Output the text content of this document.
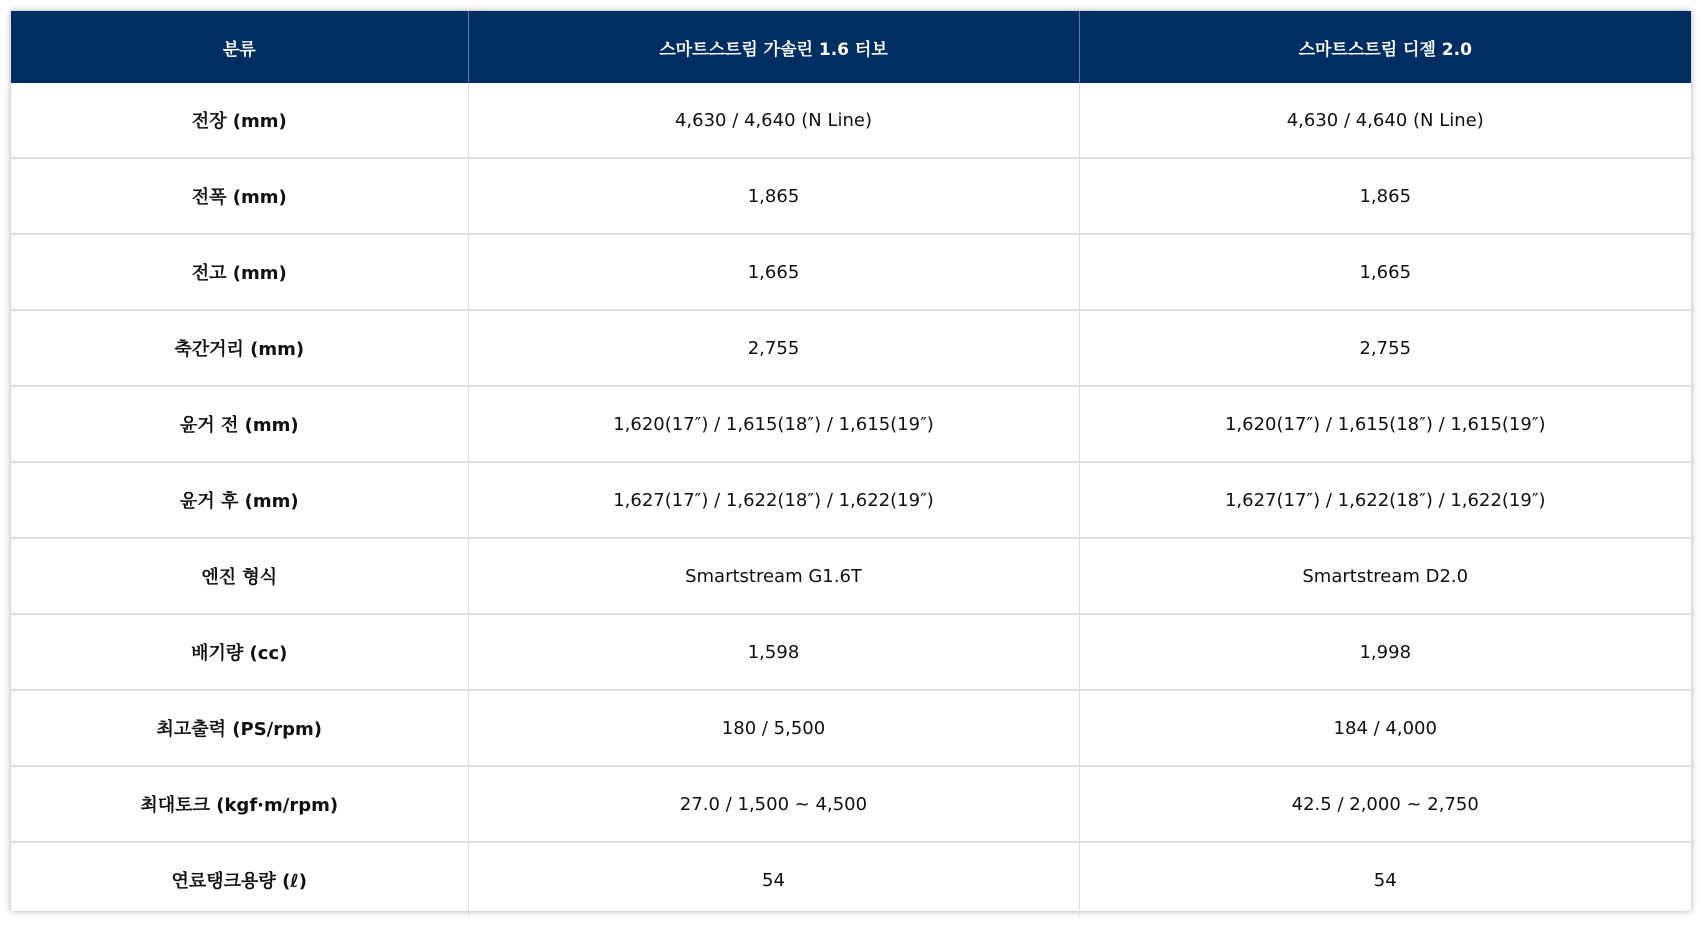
분류	스마트스트림 가솔린 1.6 터보	스마트스트림 디젤 2.0
전장 (mm)	4,630 / 4,640 (N Line)	4,630 / 4,640 (N Line)
전폭 (mm)	1,865	1,865
전고 (mm)	1,665	1,665
축간거리 (mm)	2,755	2,755
윤거 전 (mm)	1,620(17″) / 1,615(18″) / 1,615(19″)	1,620(17″) / 1,615(18″) / 1,615(19″)
윤거 후 (mm)	1,627(17″) / 1,622(18″) / 1,622(19″)	1,627(17″) / 1,622(18″) / 1,622(19″)
엔진 형식	Smartstream G1.6T	Smartstream D2.0
배기량 (cc)	1,598	1,998
최고출력 (PS/rpm)	180 / 5,500	184 / 4,000
최대토크 (kgf·m/rpm)	27.0 / 1,500 ~ 4,500	42.5 / 2,000 ~ 2,750
연료탱크용량 (ℓ)	54	54
